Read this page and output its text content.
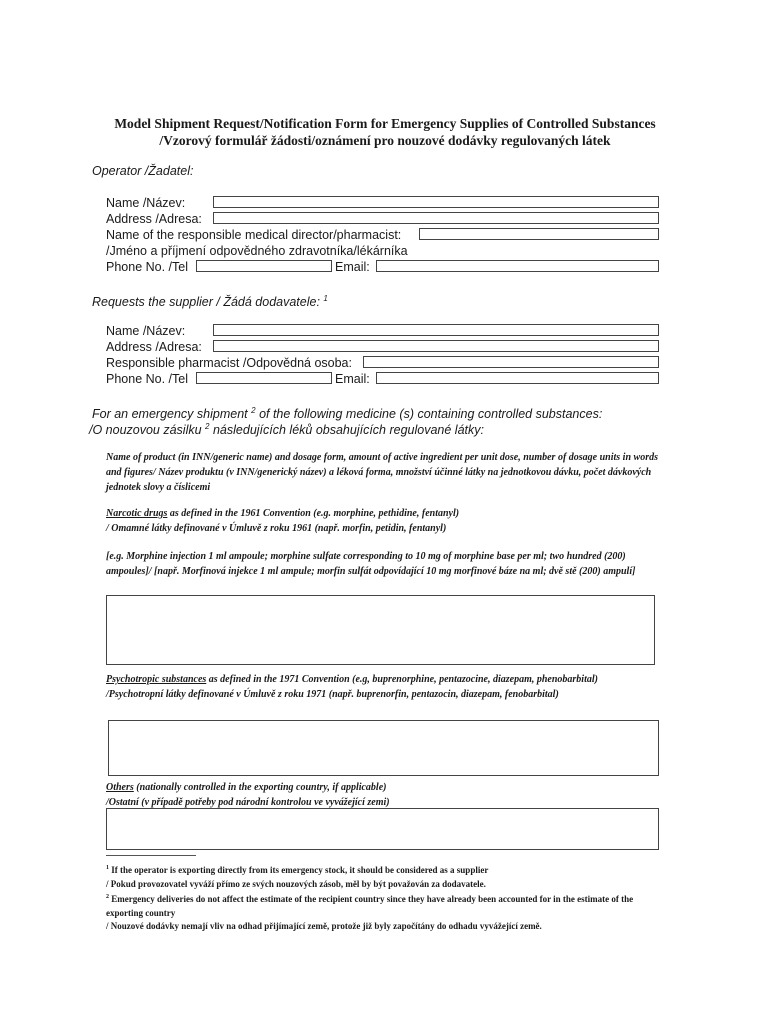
Model Shipment Request/Notification Form for Emergency Supplies of Controlled Substances
/Vzorový formulář žádosti/oznámení pro nouzové dodávky regulovaných látek
Operator /Žadatel:
Name /Název:
Address /Adresa:
Name of the responsible medical director/pharmacist:
/Jméno a příjmení odpovědného zdravotníka/lékárníka
Phone No. /Tel	Email:
Requests the supplier / Žádá dodavatele: $^1$
Name /Název:
Address /Adresa:
Responsible pharmacist /Odpovědná osoba:
Phone No. /Tel	Email:
For an emergency shipment $^2$ of the following medicine (s) containing controlled substances:
/O nouzovou zásilku $^2$ následujících léků obsahujících regulované látky:
Name of product (in INN/generic name) and dosage form, amount of active ingredient per unit dose, number of dosage units in words and figures/ Název produktu (v INN/generický název) a léková forma, množství účinné látky na jednotkovou dávku, počet dávkových jednotek slovy a číslicemi
Narcotic drugs as defined in the 1961 Convention (e.g. morphine, pethidine, fentanyl)
/ Omamné látky definované v Úmluvě z roku 1961 (např. morfin, petidin, fentanyl)
[e.g. Morphine injection 1 ml ampoule; morphine sulfate corresponding to 10 mg of morphine base per ml; two hundred (200) ampoules]/ [např. Morfinová injekce 1 ml ampule; morfin sulfát odpovídající 10 mg morfinové báze na ml; dvě stě (200) ampulí]
Psychotropic substances as defined in the 1971 Convention (e.g, buprenorphine, pentazocine, diazepam, phenobarbital)
/Psychotropní látky definované v Úmluvě z roku 1971 (např. buprenorfin, pentazocin, diazepam, fenobarbital)
Others (nationally controlled in the exporting country, if applicable)
/Ostatní (v případě potřeby pod národní kontrolou ve vyvážející zemi)
$^1$ If the operator is exporting directly from its emergency stock, it should be considered as a supplier
/ Pokud provozovatel vyváží přímo ze svých nouzových zásob, měl by být považován za dodavatele.
$^2$ Emergency deliveries do not affect the estimate of the recipient country since they have already been accounted for in the estimate of the exporting country
/ Nouzové dodávky nemají vliv na odhad přijímající země, protože již byly započítány do odhadu vyvážející země.
